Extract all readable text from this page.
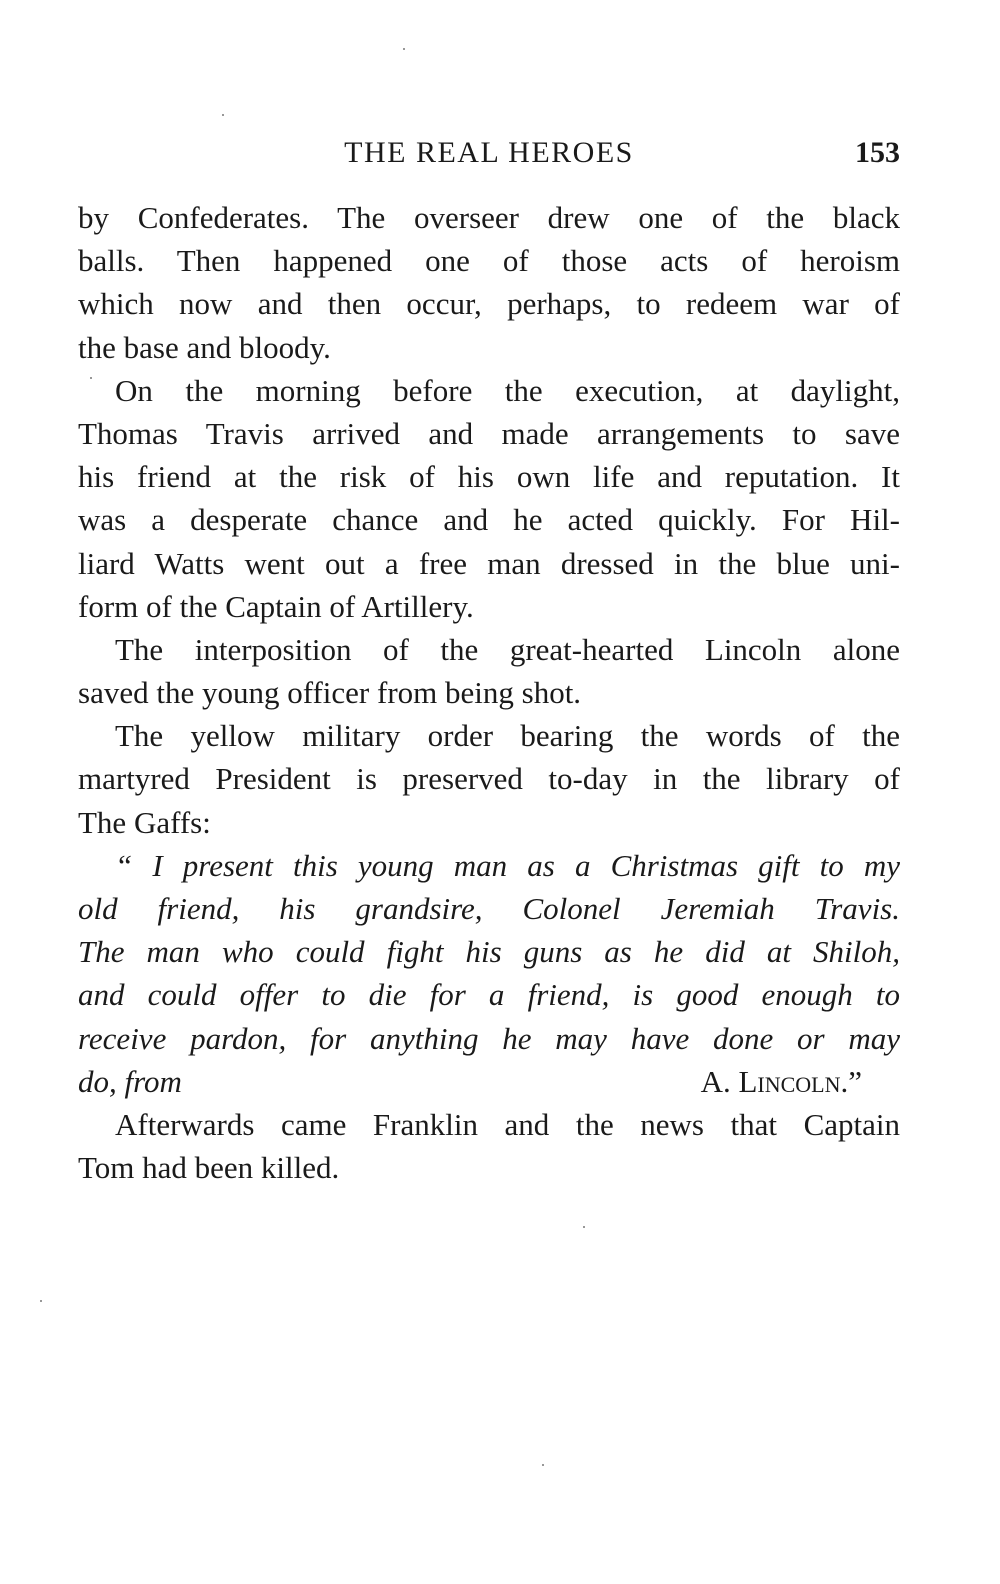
THE REAL HEROES	153
by Confederates. The overseer drew one of the black
balls. Then happened one of those acts of heroism
which now and then occur, perhaps, to redeem war of
the base and bloody.
On the morning before the execution, at daylight,
Thomas Travis arrived and made arrangements to save
his friend at the risk of his own life and reputation. It
was a desperate chance and he acted quickly. For Hil-
liard Watts went out a free man dressed in the blue uni-
form of the Captain of Artillery.
The interposition of the great-hearted Lincoln alone
saved the young officer from being shot.
The yellow military order bearing the words of the
martyred President is preserved to-day in the library of
The Gaffs:
“ I present this young man as a Christmas gift to my
old friend, his grandsire, Colonel Jeremiah Travis.
The man who could fight his guns as he did at Shiloh,
and could offer to die for a friend, is good enough to
receive pardon, for anything he may have done or may
do, from	A. Lincoln.”
Afterwards came Franklin and the news that Captain
Tom had been killed.
